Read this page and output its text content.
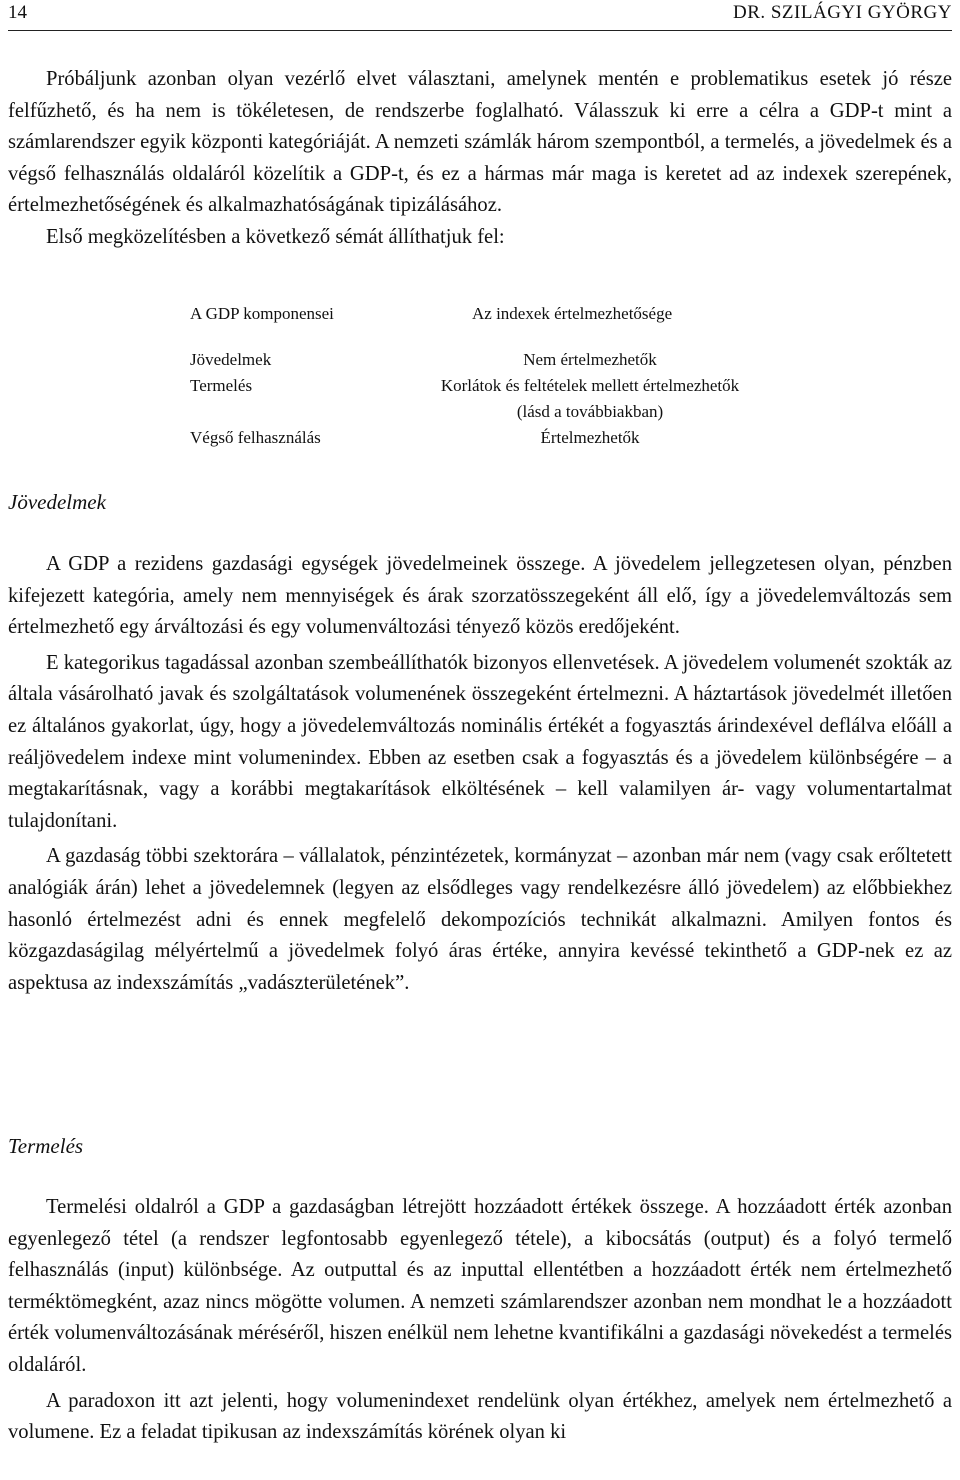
14	DR. SZILÁGYI GYÖRGY

Próbáljunk azonban olyan vezérlő elvet választani, amelynek mentén e problematikus esetek jó része felfűzhető, és ha nem is tökéletesen, de rendszerbe foglalható. Válasszuk ki erre a célra a GDP-t mint a számlarendszer egyik központi kategóriáját. A nemzeti számlák három szempontból, a termelés, a jövedelmek és a végső felhasználás oldaláról közelítik a GDP-t, és ez a hármas már maga is keretet ad az indexek szerepének, értelmezhetőségének és alkalmazhatóságának tipizálásához.

Első megközelítésben a következő sémát állíthatjuk fel:

A GDP komponensei	Az indexek értelmezhetősége
Jövedelmek
Termelés
Végső felhasználás
Nem értelmezhetők
Korlátok és feltételek mellett értelmezhetők
(lásd a továbbiakban)
Értelmezhetők
Jövedelmek

A GDP a rezidens gazdasági egységek jövedelmeinek összege. A jövedelem jellegzetesen olyan, pénzben kifejezett kategória, amely nem mennyiségek és árak szorzatösszegeként áll elő, így a jövedelemváltozás sem értelmezhető egy árváltozási és egy volumenváltozási tényező közös eredőjeként.

E kategorikus tagadással azonban szembeállíthatók bizonyos ellenvetések. A jövedelem volumenét szokták az általa vásárolható javak és szolgáltatások volumenének összegeként értelmezni. A háztartások jövedelmét illetően ez általános gyakorlat, úgy, hogy a jövedelemváltozás nominális értékét a fogyasztás árindexével deflálva előáll a reáljövedelem indexe mint volumenindex. Ebben az esetben csak a fogyasztás és a jövedelem különbségére – a megtakarításnak, vagy a korábbi megtakarítások elköltésének – kell valamilyen ár- vagy volumentartalmat tulajdonítani.

A gazdaság többi szektorára – vállalatok, pénzintézetek, kormányzat – azonban már nem (vagy csak erőltetett analógiák árán) lehet a jövedelemnek (legyen az elsődleges vagy rendelkezésre álló jövedelem) az előbbiekhez hasonló értelmezést adni és ennek megfelelő dekompozíciós technikát alkalmazni. Amilyen fontos és közgazdaságilag mélyértelmű a jövedelmek folyó áras értéke, annyira kevéssé tekinthető a GDP-nek ez az aspektusa az indexszámítás „vadászterületének”.

Termelés

Termelési oldalról a GDP a gazdaságban létrejött hozzáadott értékek összege. A hozzáadott érték azonban egyenlegező tétel (a rendszer legfontosabb egyenlegező tétele), a kibocsátás (output) és a folyó termelő felhasználás (input) különbsége. Az outputtal és az inputtal ellentétben a hozzáadott érték nem értelmezhető terméktömegként, azaz nincs mögötte volumen. A nemzeti számlarendszer azonban nem mondhat le a hozzáadott érték volumenváltozásának méréséről, hiszen enélkül nem lehetne kvantifikálni a gazdasági növekedést a termelés oldaláról.

A paradoxon itt azt jelenti, hogy volumenindexet rendelünk olyan értékhez, amelyek nem értelmezhető a volumene. Ez a feladat tipikusan az indexszámítás körének olyan ki
